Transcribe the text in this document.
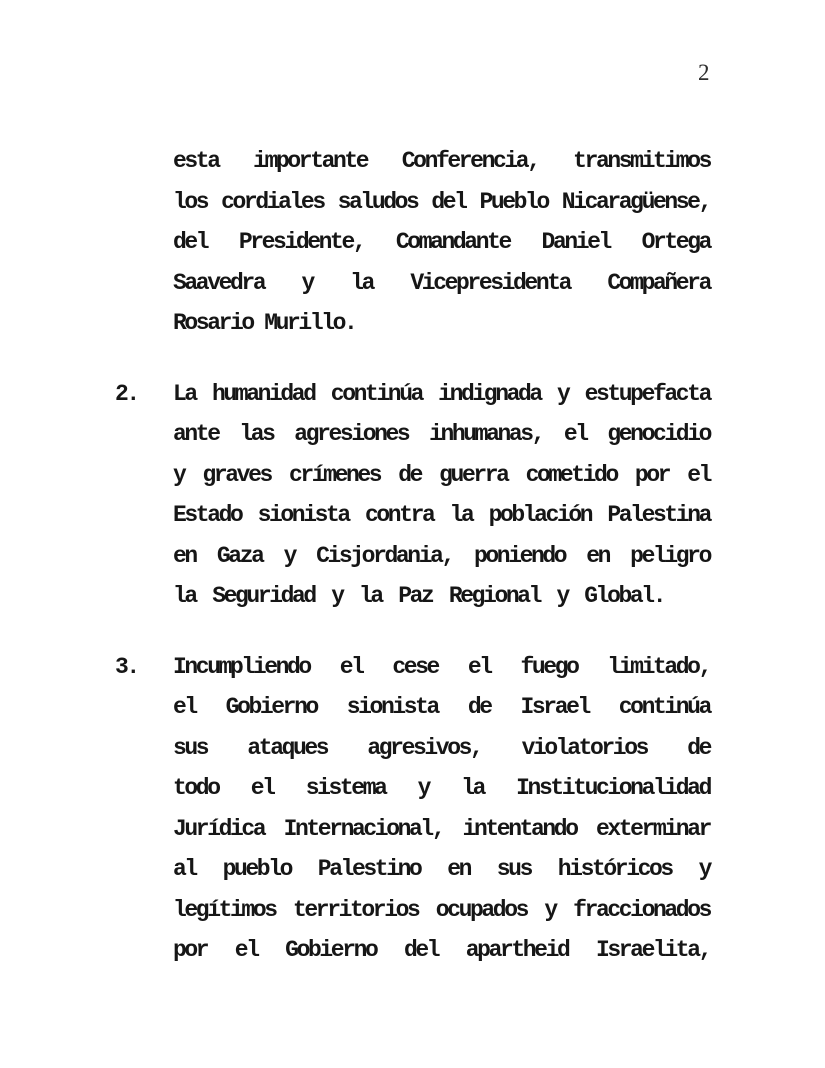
2
esta importante Conferencia, transmitimos
los cordiales saludos del Pueblo Nicaragüense,
del Presidente, Comandante Daniel Ortega
Saavedra y la Vicepresidenta Compañera
Rosario Murillo.
2.	La humanidad continúa indignada y estupefacta
ante las agresiones inhumanas, el genocidio
y graves crímenes de guerra cometido por el
Estado sionista contra la población Palestina
en Gaza y Cisjordania, poniendo en peligro
la Seguridad y la Paz Regional y Global.
3.	Incumpliendo el cese el fuego limitado,
el Gobierno sionista de Israel continúa
sus ataques agresivos, violatorios de
todo el sistema y la Institucionalidad
Jurídica Internacional, intentando exterminar
al pueblo Palestino en sus históricos y
legítimos territorios ocupados y fraccionados
por el Gobierno del apartheid Israelita,
